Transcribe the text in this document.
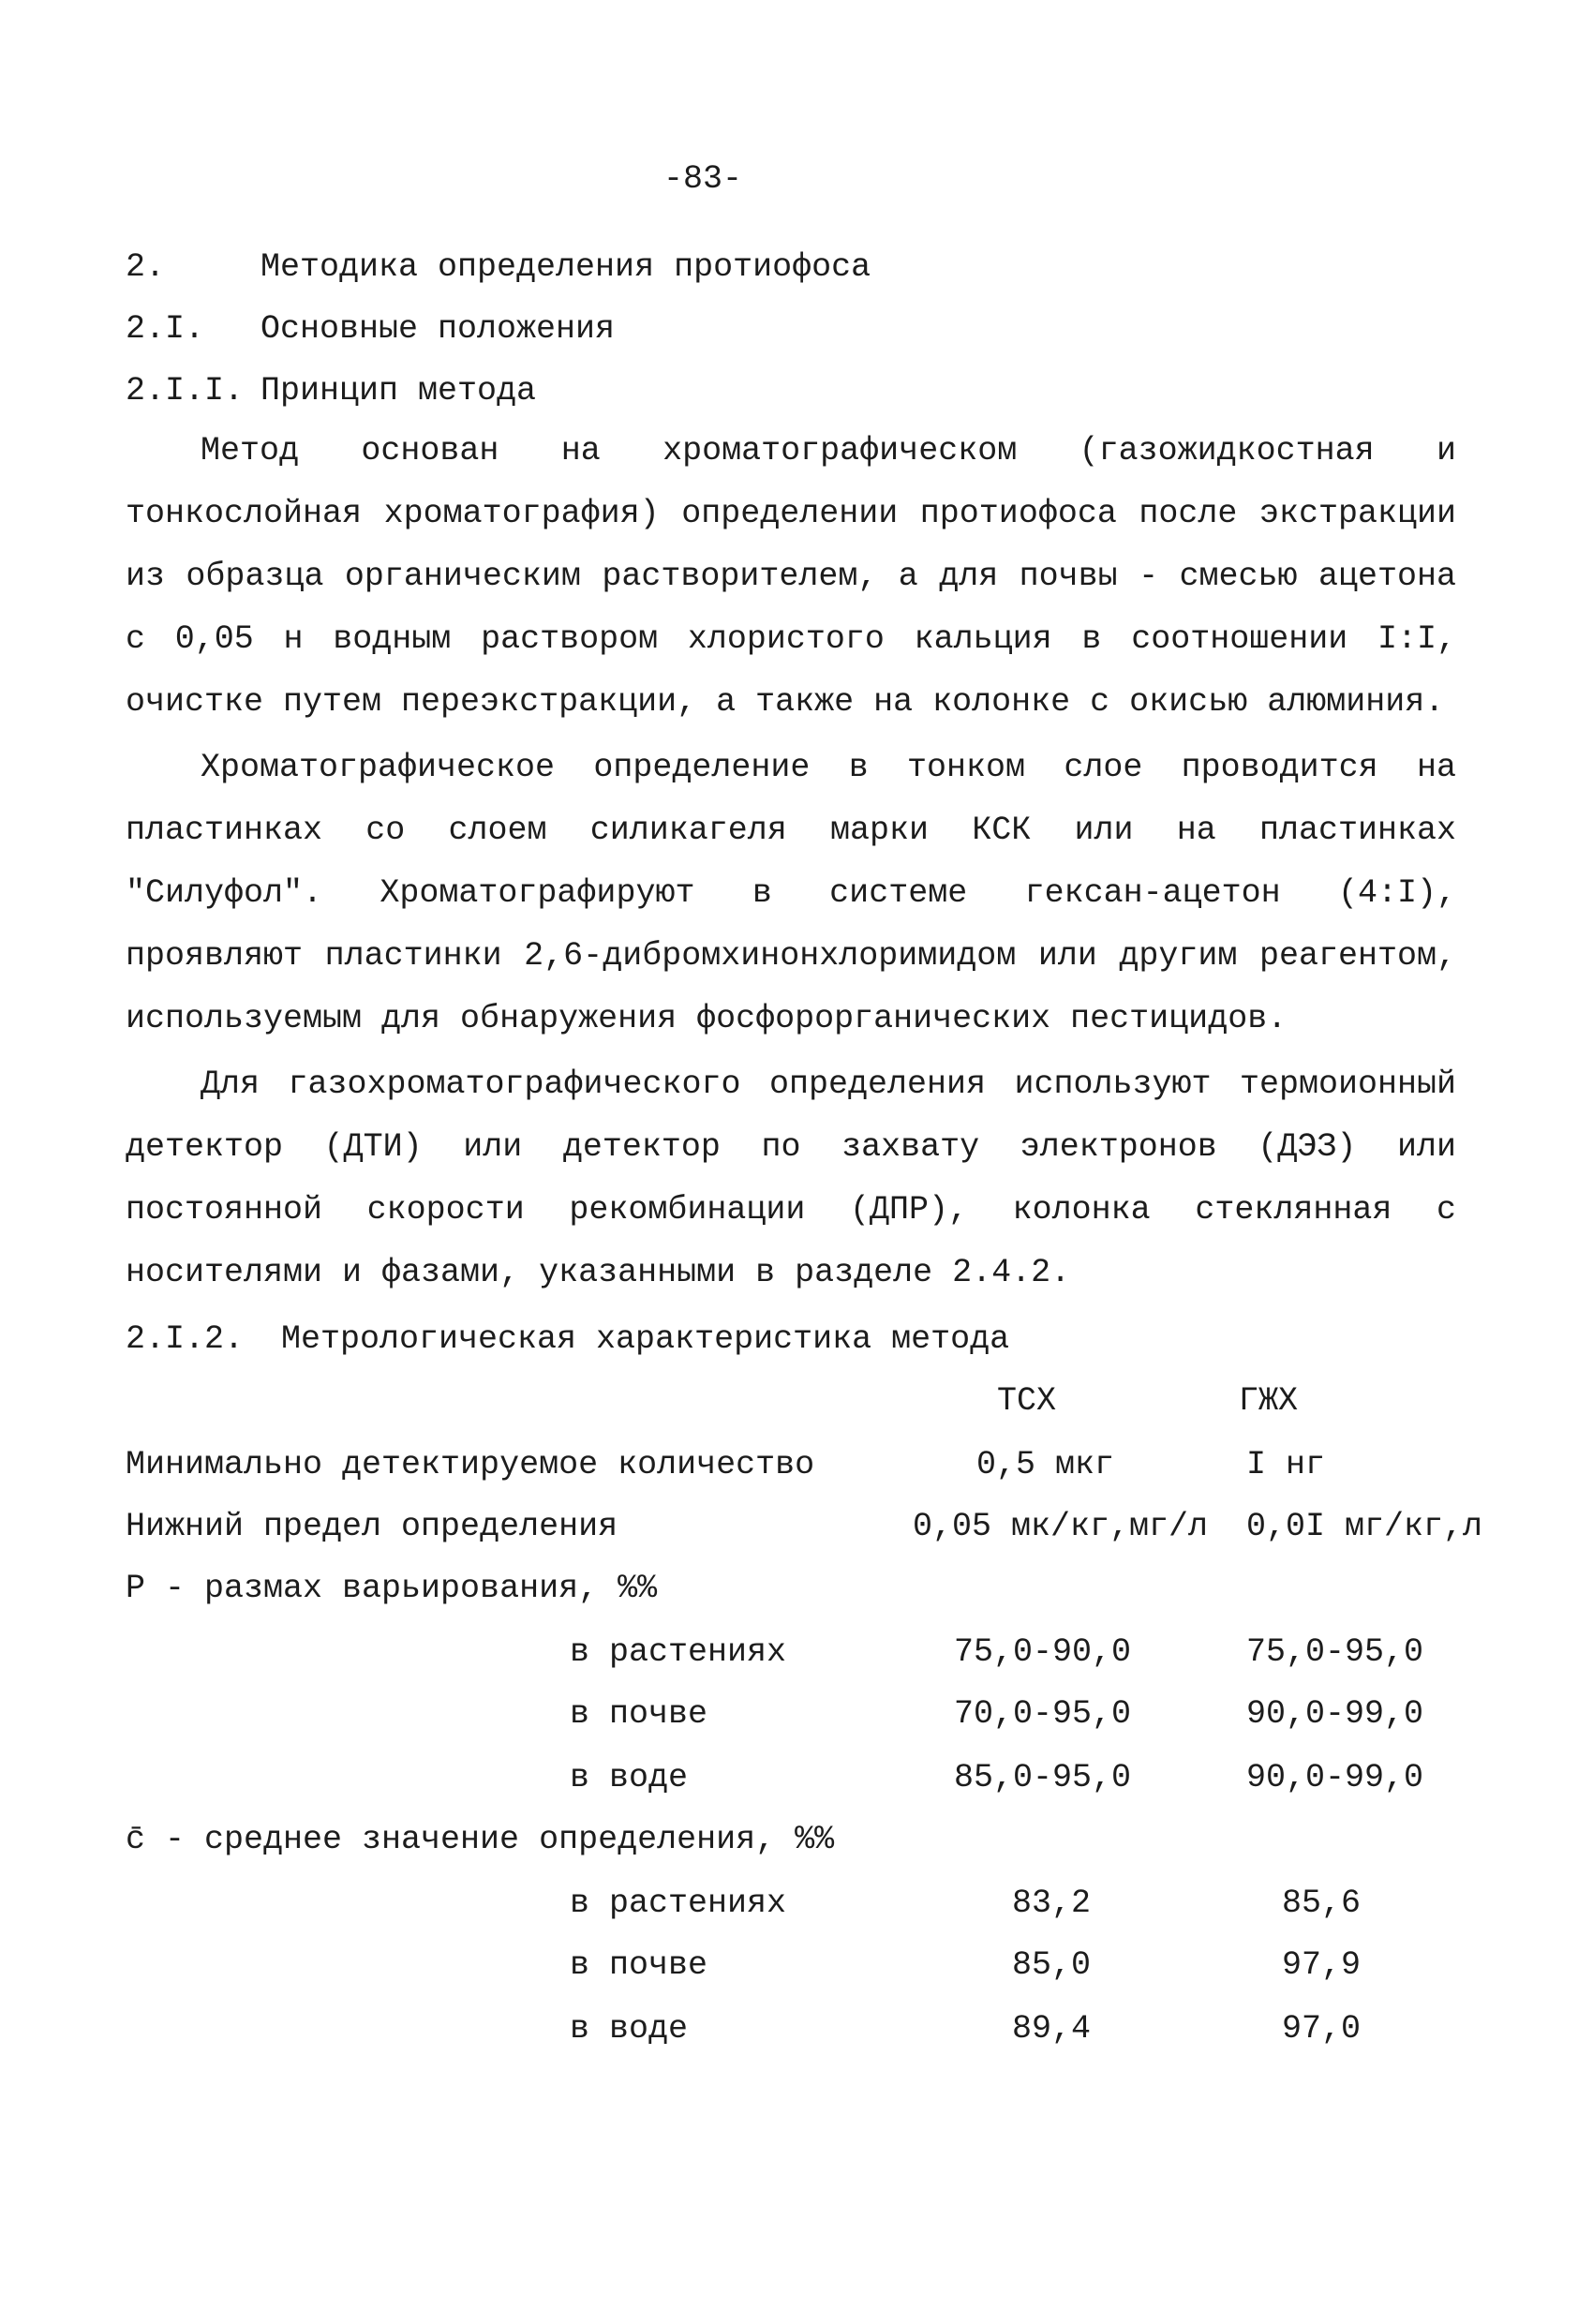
-83-
2.	Методика определения протиофоса
2.I. Основные положения
2.I.I. Принцип метода
Метод основан на хроматографическом (газожидкостная и тонкослойная хроматография) определении протиофоса после экстракции из образца органическим растворителем, а для почвы - смесью ацетона с 0,05 н водным раствором хлористого кальция в соотношении I:I, очистке путем переэкстракции, а также на колонке с окисью алюминия.
Хроматографическое определение в тонком слое проводится на пластинках со слоем силикагеля марки КСК или на пластинках "Силуфол". Хроматографируют в системе гексан-ацетон (4:I), проявляют пластинки 2,6-дибромхинонхлоримидом или другим реагентом, используемым для обнаружения фосфорорганических пестицидов.
Для газохроматографического определения используют термоионный детектор (ДТИ) или детектор по захвату электронов (ДЭЗ) или постоянной скорости рекомбинации (ДПР), колонка стеклянная с носителями и фазами, указанными в разделе 2.4.2.
2.I.2. Метрологическая характеристика метода
ТСХ	ГЖХ
Минимально детектируемое количество	0,5 мкг	I нг
Нижний предел определения	0,05 мк/кг,мг/л 0,0I мг/кг,л
Р - размах варьирования, %%
в растениях	75,0-90,0	75,0-95,0
в почве	70,0-95,0	90,0-99,0
в воде	85,0-95,0	90,0-99,0
c̄ - среднее значение определения, %%
в растениях	83,2	85,6
в почве	85,0	97,9
в воде	89,4	97,0
